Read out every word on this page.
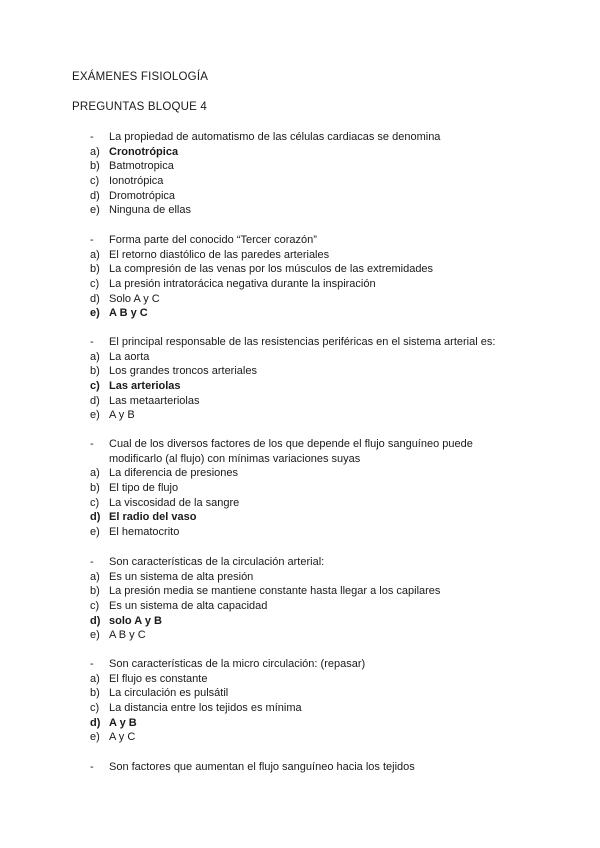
EXÁMENES FISIOLOGÍA
PREGUNTAS BLOQUE 4
-	La propiedad de automatismo de las células cardiacas se denomina
a) Cronotrópica
b) Batmotropica
c) Ionotrópica
d) Dromotrópica
e) Ninguna de ellas
-	Forma parte del conocido “Tercer corazón”
a) El retorno diastólico de las paredes arteriales
b) La compresión de las venas por los músculos de las extremidades
c) La presión intratorácica negativa durante la inspiración
d) Solo A y C
e) A B y C
-	El principal responsable de las resistencias periféricas en el sistema arterial es:
a) La aorta
b) Los grandes troncos arteriales
c) Las arteriolas
d) Las metaarteriolas
e) A y B
-	Cual de los diversos factores de los que depende el flujo sanguíneo puede
modificarlo (al flujo) con mínimas variaciones suyas
a) La diferencia de presiones
b) El tipo de flujo
c) La viscosidad de la sangre
d) El radio del vaso
e) El hematocrito
-	Son características de la circulación arterial:
a) Es un sistema de alta presión
b) La presión media se mantiene constante hasta llegar a los capilares
c) Es un sistema de alta capacidad
d) solo A y B
e) A B y C
-	Son características de la micro circulación: (repasar)
a) El flujo es constante
b) La circulación es pulsátil
c) La distancia entre los tejidos es mínima
d) A y B
e) A y C
-	Son factores que aumentan el flujo sanguíneo hacia los tejidos
